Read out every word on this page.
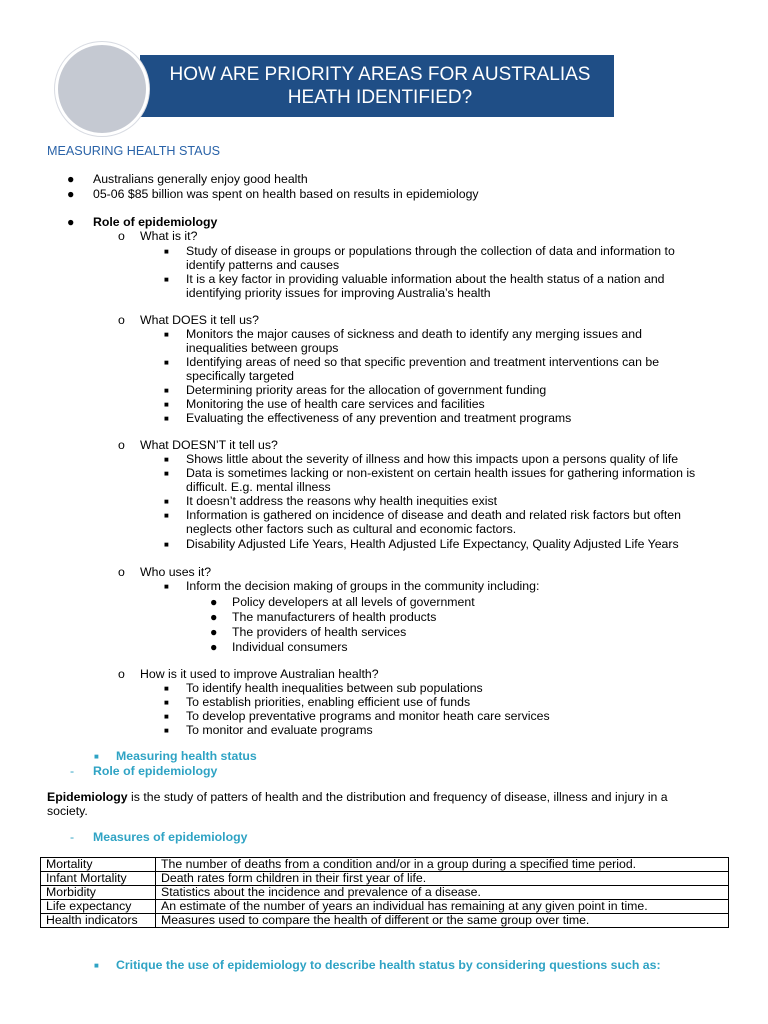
HOW ARE PRIORITY AREAS FOR AUSTRALIAS
HEATH IDENTIFIED?
MEASURING HEALTH STAUS
● Australians generally enjoy good health
● 05-06 $85 billion was spent on health based on results in epidemiology
● Role of epidemiology
o What is it?
■ Study of disease in groups or populations through the collection of data and information to
identify patterns and causes
■ It is a key factor in providing valuable information about the health status of a nation and
identifying priority issues for improving Australia’s health
o What DOES it tell us?
■ Monitors the major causes of sickness and death to identify any merging issues and
inequalities between groups
■ Identifying areas of need so that specific prevention and treatment interventions can be
specifically targeted
■ Determining priority areas for the allocation of government funding
■ Monitoring the use of health care services and facilities
■ Evaluating the effectiveness of any prevention and treatment programs
o What DOESN’T it tell us?
■ Shows little about the severity of illness and how this impacts upon a persons quality of life
■ Data is sometimes lacking or non-existent on certain health issues for gathering information is
difficult. E.g. mental illness
■ It doesn’t address the reasons why health inequities exist
■ Information is gathered on incidence of disease and death and related risk factors but often
neglects other factors such as cultural and economic factors.
■ Disability Adjusted Life Years, Health Adjusted Life Expectancy, Quality Adjusted Life Years
o Who uses it?
■ Inform the decision making of groups in the community including:
● Policy developers at all levels of government
● The manufacturers of health products
● The providers of health services
● Individual consumers
o How is it used to improve Australian health?
■ To identify health inequalities between sub populations
■ To establish priorities, enabling efficient use of funds
■ To develop preventative programs and monitor heath care services
■ To monitor and evaluate programs
■ Measuring health status
- Role of epidemiology
Epidemiology is the study of patters of health and the distribution and frequency of disease, illness and injury in a
society.
- Measures of epidemiology
Mortality	The number of deaths from a condition and/or in a group during a specified time period.
Infant Mortality	Death rates form children in their first year of life.
Morbidity	Statistics about the incidence and prevalence of a disease.
Life expectancy	An estimate of the number of years an individual has remaining at any given point in time.
Health indicators	Measures used to compare the health of different or the same group over time.
■ Critique the use of epidemiology to describe health status by considering questions such as:
